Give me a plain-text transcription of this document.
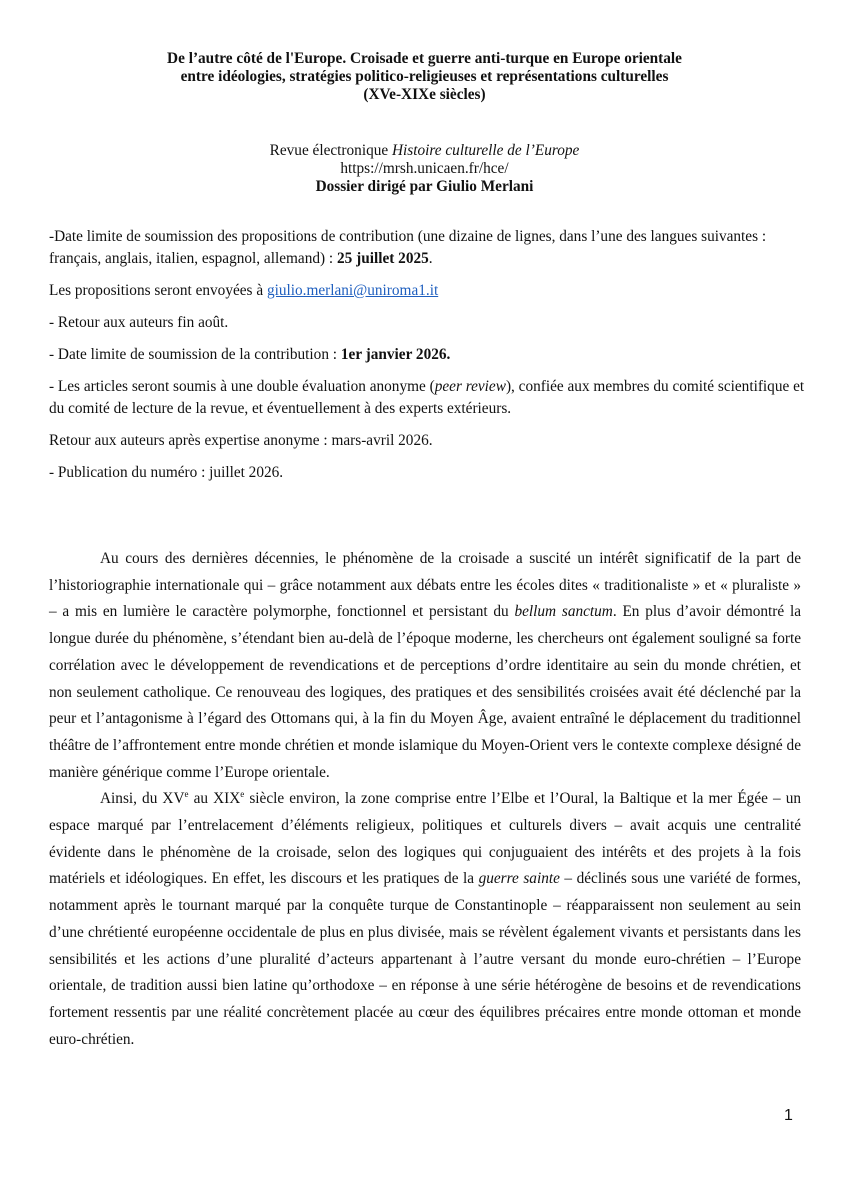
De l’autre côté de l'Europe. Croisade et guerre anti-turque en Europe orientale
entre idéologies, stratégies politico-religieuses et représentations culturelles
(XVe-XIXe siècles)
Revue électronique Histoire culturelle de l’Europe
https://mrsh.unicaen.fr/hce/
Dossier dirigé par Giulio Merlani

-Date limite de soumission des propositions de contribution (une dizaine de lignes, dans l’une des langues suivantes : français, anglais, italien, espagnol, allemand) : 25 juillet 2025.

Les propositions seront envoyées à giulio.merlani@uniroma1.it

- Retour aux auteurs fin août.

- Date limite de soumission de la contribution : 1er janvier 2026.

- Les articles seront soumis à une double évaluation anonyme (peer review), confiée aux membres du comité scientifique et du comité de lecture de la revue, et éventuellement à des experts extérieurs.

Retour aux auteurs après expertise anonyme : mars-avril 2026.

- Publication du numéro : juillet 2026.

Au cours des dernières décennies, le phénomène de la croisade a suscité un intérêt significatif de la part de l’historiographie internationale qui – grâce notamment aux débats entre les écoles dites « traditionaliste » et « pluraliste » – a mis en lumière le caractère polymorphe, fonctionnel et persistant du bellum sanctum. En plus d’avoir démontré la longue durée du phénomène, s’étendant bien au-delà de l’époque moderne, les chercheurs ont également souligné sa forte corrélation avec le développement de revendications et de perceptions d’ordre identitaire au sein du monde chrétien, et non seulement catholique. Ce renouveau des logiques, des pratiques et des sensibilités croisées avait été déclenché par la peur et l’antagonisme à l’égard des Ottomans qui, à la fin du Moyen Âge, avaient entraîné le déplacement du traditionnel théâtre de l’affrontement entre monde chrétien et monde islamique du Moyen-Orient vers le contexte complexe désigné de manière générique comme l’Europe orientale.

Ainsi, du XVe au XIXe siècle environ, la zone comprise entre l’Elbe et l’Oural, la Baltique et la mer Égée – un espace marqué par l’entrelacement d’éléments religieux, politiques et culturels divers – avait acquis une centralité évidente dans le phénomène de la croisade, selon des logiques qui conjuguaient des intérêts et des projets à la fois matériels et idéologiques. En effet, les discours et les pratiques de la guerre sainte – déclinés sous une variété de formes, notamment après le tournant marqué par la conquête turque de Constantinople – réapparaissent non seulement au sein d’une chrétienté européenne occidentale de plus en plus divisée, mais se révèlent également vivants et persistants dans les sensibilités et les actions d’une pluralité d’acteurs appartenant à l’autre versant du monde euro-chrétien – l’Europe orientale, de tradition aussi bien latine qu’orthodoxe – en réponse à une série hétérogène de besoins et de revendications fortement ressentis par une réalité concrètement placée au cœur des équilibres précaires entre monde ottoman et monde euro-chrétien.

1
